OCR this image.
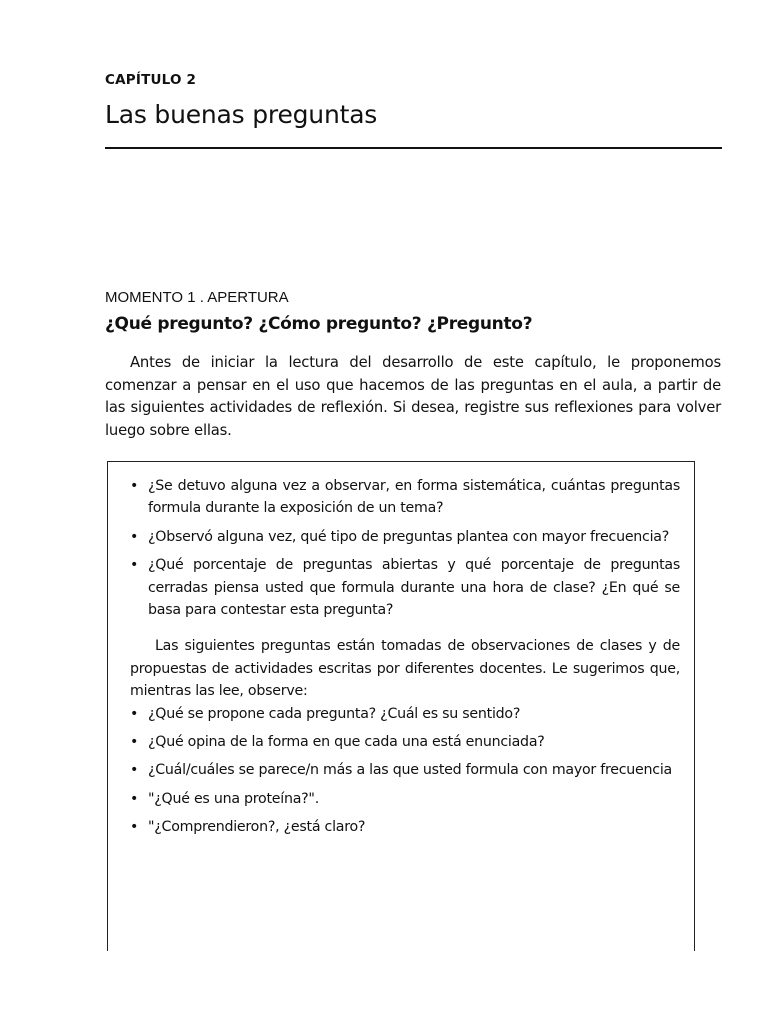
CAPÍTULO 2
Las buenas preguntas
MOMENTO 1 . APERTURA
¿Qué pregunto? ¿Cómo pregunto? ¿Pregunto?

Antes de iniciar la lectura del desarrollo de este capítulo, le proponemos comenzar a pensar en el uso que hacemos de las preguntas en el aula, a partir de las siguientes actividades de reflexión. Si desea, registre sus reflexiones para volver luego sobre ellas.

• ¿Se detuvo alguna vez a observar, en forma sistemática, cuántas preguntas formula durante la exposición de un tema?
• ¿Observó alguna vez, qué tipo de preguntas plantea con mayor frecuencia?
• ¿Qué porcentaje de preguntas abiertas y qué porcentaje de preguntas cerradas piensa usted que formula durante una hora de clase? ¿En qué se basa para contestar esta pregunta?

Las siguientes preguntas están tomadas de observaciones de clases y de propuestas de actividades escritas por diferentes docentes. Le sugerimos que, mientras las lee, observe:

• ¿Qué se propone cada pregunta? ¿Cuál es su sentido?
• ¿Qué opina de la forma en que cada una está enunciada?
• ¿Cuál/cuáles se parece/n más a las que usted formula con mayor frecuencia
• "¿Qué es una proteína?".
• "¿Comprendieron?, ¿está claro?
